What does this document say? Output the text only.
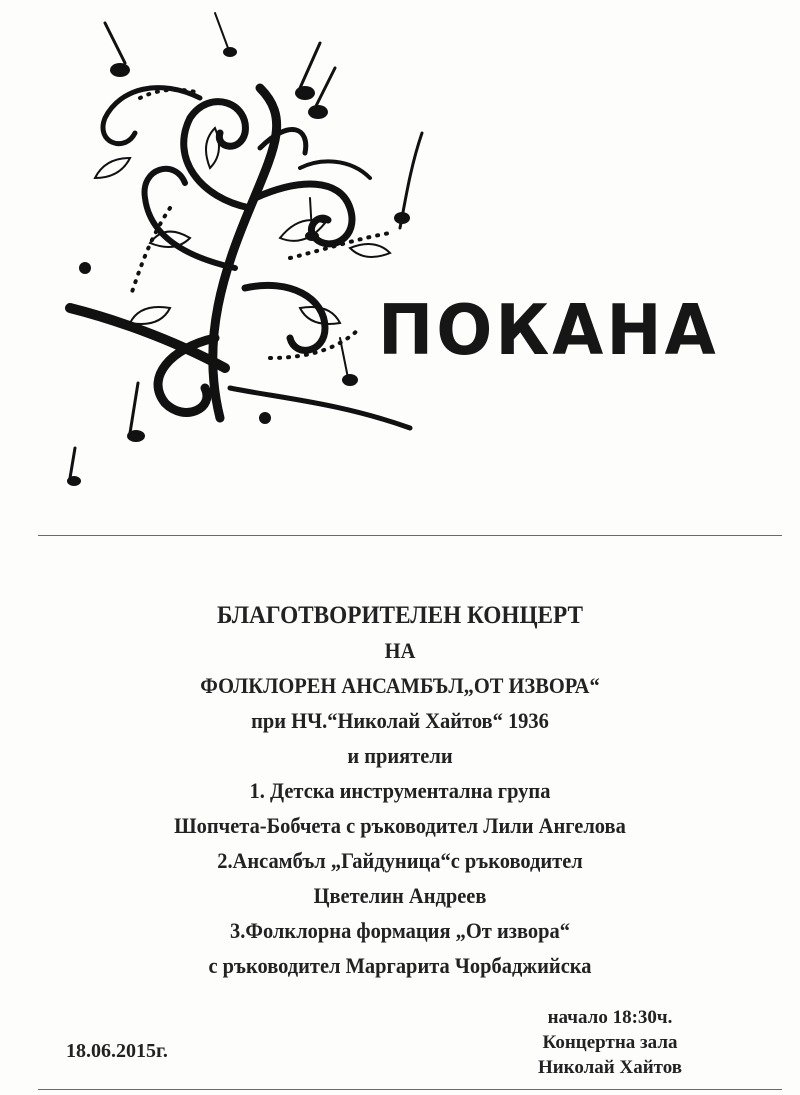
ПОКАНА
БЛАГОТВОРИТЕЛЕН КОНЦЕРТ
НА
ФОЛКЛОРЕН АНСАМБЪЛ„ОТ ИЗВОРА“
при НЧ.“Николай Хайтов“ 1936
и приятели
1. Детска инструментална група
Шопчета-Бобчета с ръководител Лили Ангелова
2.Ансамбъл „Гайдуница“с ръководител
Цветелин Андреев
3.Фолклорна формация „От извора“
с ръководител Маргарита Чорбаджийска
начало 18:30ч.
Концертна зала
Николай Хайтов
18.06.2015г.
